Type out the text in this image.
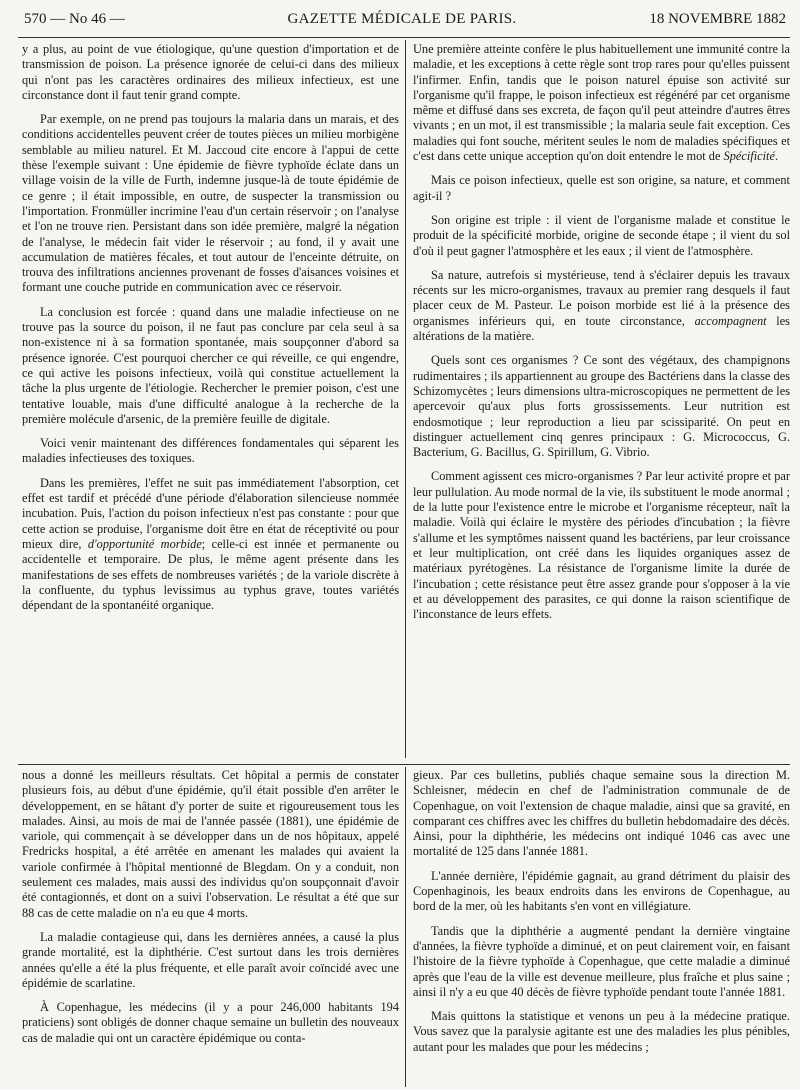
570 — No 46 —	GAZETTE MÉDICALE DE PARIS.	18 NOVEMBRE 1882

y a plus, au point de vue étiologique, qu'une question d'importation et de transmission de poison. La présence ignorée de celui-ci dans des milieux qui n'ont pas les caractères ordinaires des milieux infectieux, est une circonstance dont il faut tenir grand compte.

Par exemple, on ne prend pas toujours la malaria dans un marais, et des conditions accidentelles peuvent créer de toutes pièces un milieu morbigène semblable au milieu naturel. Et M. Jaccoud cite encore à l'appui de cette thèse l'exemple suivant : Une épidemie de fièvre typhoïde éclate dans un village voisin de la ville de Furth, indemne jusque-là de toute épidémie de ce genre ; il était impossible, en outre, de suspecter la transmission ou l'importation. Fronmüller incrimine l'eau d'un certain réservoir ; on l'analyse et l'on ne trouve rien. Persistant dans son idée première, malgré la négation de l'analyse, le médecin fait vider le réservoir ; au fond, il y avait une accumulation de matières fécales, et tout autour de l'enceinte détruite, on trouva des infiltrations anciennes provenant de fosses d'aisances voisines et formant une couche putride en communication avec ce réservoir.

La conclusion est forcée : quand dans une maladie infectieuse on ne trouve pas la source du poison, il ne faut pas conclure par cela seul à sa non-existence ni à sa formation spontanée, mais soupçonner d'abord sa présence ignorée. C'est pourquoi chercher ce qui réveille, ce qui engendre, ce qui active les poisons infectieux, voilà qui constitue actuellement la tâche la plus urgente de l'étiologie. Rechercher le premier poison, c'est une tentative louable, mais d'une difficulté analogue à la recherche de la première molécule d'arsenic, de la première feuille de digitale.

Voici venir maintenant des différences fondamentales qui séparent les maladies infectieuses des toxiques.

Dans les premières, l'effet ne suit pas immédiatement l'absorption, cet effet est tardif et précédé d'une période d'élaboration silencieuse nommée incubation. Puis, l'action du poison infectieux n'est pas constante : pour que cette action se produise, l'organisme doit être en état de réceptivité ou pour mieux dire, d'opportunité morbide; celle-ci est innée et permanente ou accidentelle et temporaire. De plus, le même agent présente dans les manifestations de ses effets de nombreuses variétés ; de la variole discrète à la confluente, du typhus levissimus au typhus grave, toutes variétés dépendant de la spontanéité organique.

Une première atteinte confère le plus habituellement une immunité contre la maladie, et les exceptions à cette règle sont trop rares pour qu'elles puissent l'infirmer. Enfin, tandis que le poison naturel épuise son activité sur l'organisme qu'il frappe, le poison infectieux est régénéré par cet organisme même et diffusé dans ses excreta, de façon qu'il peut atteindre d'autres êtres vivants ; en un mot, il est transmissible ; la malaria seule fait exception. Ces maladies qui font souche, méritent seules le nom de maladies spécifiques et c'est dans cette unique acception qu'on doit entendre le mot de Spécificité.

Mais ce poison infectieux, quelle est son origine, sa nature, et comment agit-il ?

Son origine est triple : il vient de l'organisme malade et constitue le produit de la spécificité morbide, origine de seconde étape ; il vient du sol d'où il peut gagner l'atmosphère et les eaux ; il vient de l'atmosphère.

Sa nature, autrefois si mystérieuse, tend à s'éclairer depuis les travaux récents sur les micro-organismes, travaux au premier rang desquels il faut placer ceux de M. Pasteur. Le poison morbide est lié à la présence des organismes inférieurs qui, en toute circonstance, accompagnent les altérations de la matière.

Quels sont ces organismes ? Ce sont des végétaux, des champignons rudimentaires ; ils appartiennent au groupe des Bactériens dans la classe des Schizomycètes ; leurs dimensions ultra-microscopiques ne permettent de les apercevoir qu'aux plus forts grossissements. Leur nutrition est endosmotique ; leur reproduction a lieu par scissiparité. On peut en distinguer actuellement cinq genres principaux : G. Micrococcus, G. Bacterium, G. Bacillus, G. Spirillum, G. Vibrio.

Comment agissent ces micro-organismes ? Par leur activité propre et par leur pullulation. Au mode normal de la vie, ils substituent le mode anormal ; de la lutte pour l'existence entre le microbe et l'organisme récepteur, naît la maladie. Voilà qui éclaire le mystère des périodes d'incubation ; la fièvre s'allume et les symptômes naissent quand les bactériens, par leur croissance et leur multiplication, ont créé dans les liquides organiques assez de matériaux pyrétogènes. La résistance de l'organisme limite la durée de l'incubation ; cette résistance peut être assez grande pour s'opposer à la vie et au développement des parasites, ce qui donne la raison scientifique de l'inconstance de leurs effets.

nous a donné les meilleurs résultats. Cet hôpital a permis de constater plusieurs fois, au début d'une épidémie, qu'il était possible d'en arrêter le développement, en se hâtant d'y porter de suite et rigoureusement tous les malades. Ainsi, au mois de mai de l'année passée (1881), une épidémie de variole, qui commençait à se développer dans un de nos hôpitaux, appelé Fredricks hospital, a été arrêtée en amenant les malades qui avaient la variole confirmée à l'hôpital mentionné de Blegdam. On y a conduit, non seulement ces malades, mais aussi des individus qu'on soupçonnait d'avoir été contagionnés, et dont on a suivi l'observation. Le résultat a été que sur 88 cas de cette maladie on n'a eu que 4 morts.

La maladie contagieuse qui, dans les dernières années, a causé la plus grande mortalité, est la diphthérie. C'est surtout dans les trois dernières années qu'elle a été la plus fréquente, et elle paraît avoir coïncidé avec une épidémie de scarlatine.

À Copenhague, les médecins (il y a pour 246,000 habitants 194 praticiens) sont obligés de donner chaque semaine un bulletin des nouveaux cas de maladie qui ont un caractère épidémique ou conta-

gieux. Par ces bulletins, publiés chaque semaine sous la direction M. Schleisner, médecin en chef de l'administration communale de de Copenhague, on voit l'extension de chaque maladie, ainsi que sa gravité, en comparant ces chiffres avec les chiffres du bulletin hebdomadaire des décès. Ainsi, pour la diphthérie, les médecins ont indiqué 1046 cas avec une mortalité de 125 dans l'année 1881.

L'année dernière, l'épidémie gagnait, au grand détriment du plaisir des Copenhaginois, les beaux endroits dans les environs de Copenhague, au bord de la mer, où les habitants s'en vont en villégiature.

Tandis que la diphthérie a augmenté pendant la dernière vingtaine d'années, la fièvre typhoïde a diminué, et on peut clairement voir, en faisant l'histoire de la fièvre typhoïde à Copenhague, que cette maladie a diminué après que l'eau de la ville est devenue meilleure, plus fraîche et plus saine ; ainsi il n'y a eu que 40 décès de fièvre typhoïde pendant toute l'année 1881.

Mais quittons la statistique et venons un peu à la médecine pratique. Vous savez que la paralysie agitante est une des maladies les plus pénibles, autant pour les malades que pour les médecins ;
